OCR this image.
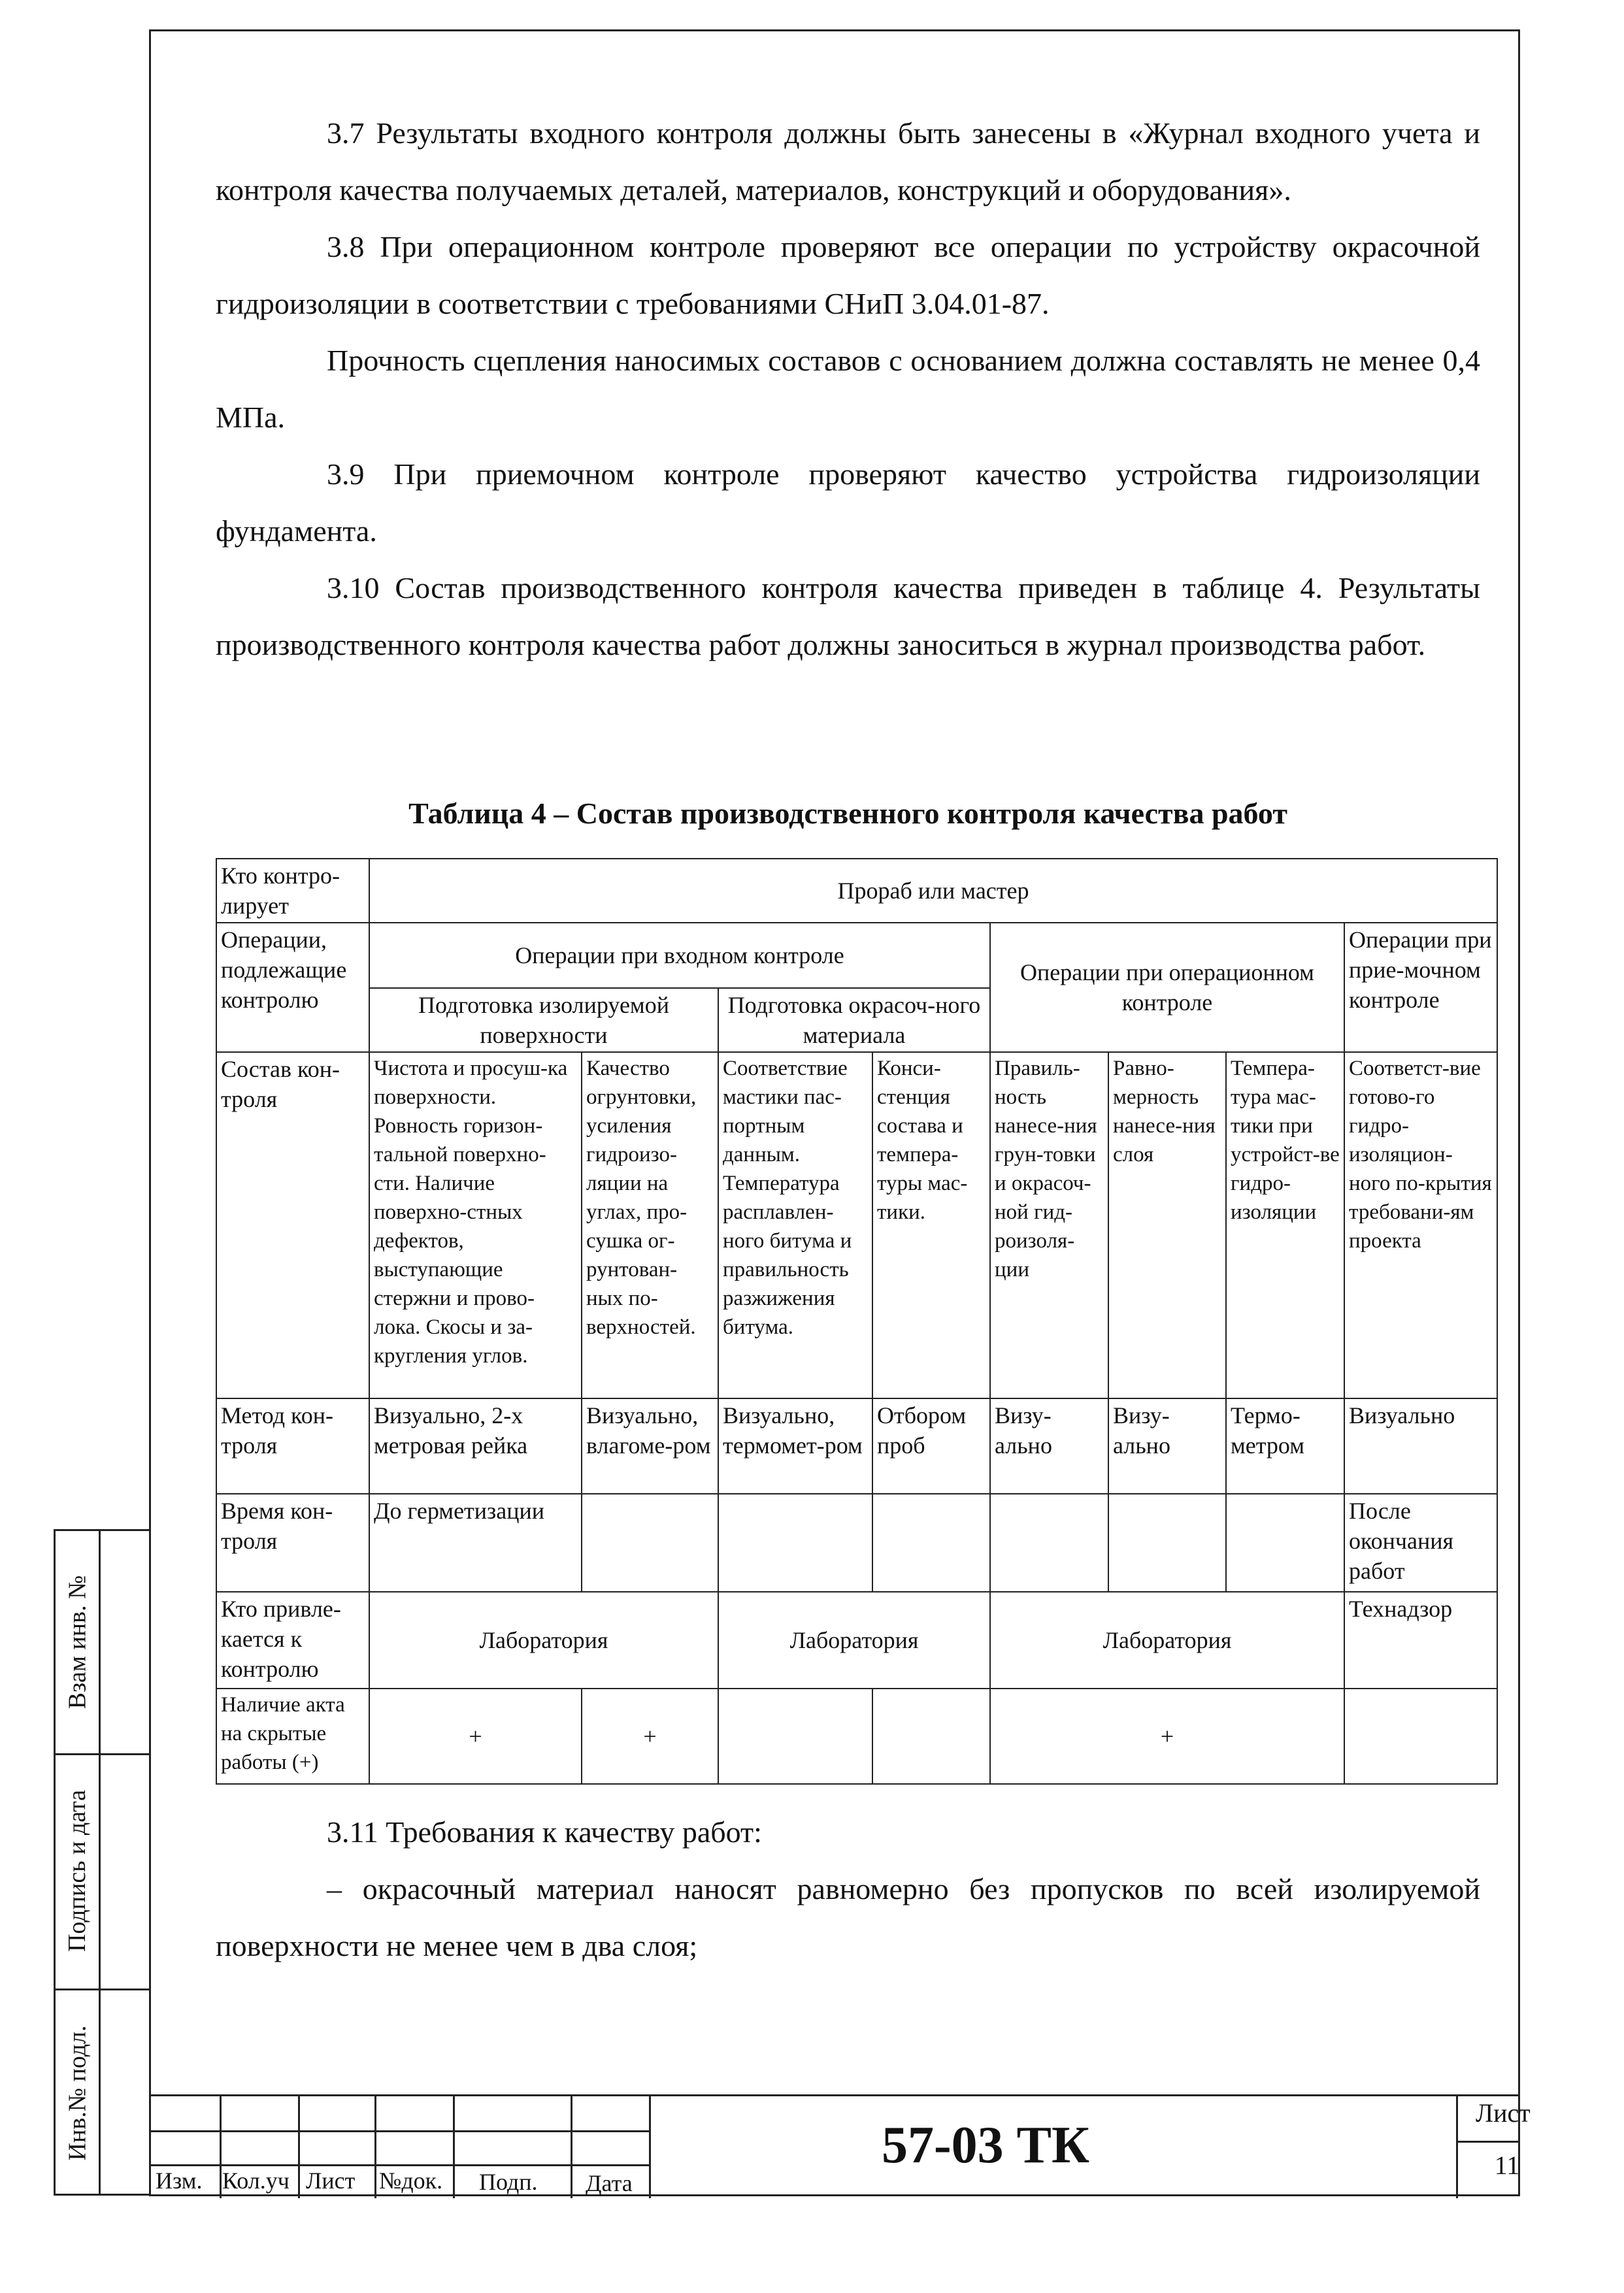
3.7 Результаты входного контроля должны быть занесены в «Журнал входного учета и контроля качества получаемых деталей, материалов, конструкций и оборудования».

3.8 При операционном контроле проверяют все операции по устройству окрасочной гидроизоляции в соответствии с требованиями СНиП 3.04.01-87.

Прочность сцепления наносимых составов с основанием должна составлять не менее 0,4 МПа.

3.9 При приемочном контроле проверяют качество устройства гидроизоляции фундамента.

3.10 Состав производственного контроля качества приведен в таблице 4. Результаты производственного контроля качества работ должны заноситься в журнал производства работ.

Таблица 4 – Состав производственного контроля качества работ
Кто контро-лирует	Прораб или мастер							
Операции, подлежащие контролю	Операции при входном контроле				Операции при операционном контроле			Операции при прие-мочном контроле
	Подготовка изолируемой поверхности		Подготовка окрасоч-ного материала					
Состав кон-троля	Чистота и просуш-ка поверхности. Ровность горизон-тальной поверхно-сти. Наличие поверхно-стных дефектов, выступающие стержни и прово-лока. Скосы и за-кругления углов.	Качество огрунтовки, усиления гидроизо-ляции на углах, про-сушка ог-рунтован-ных по-верхностей.	Соответствие мастики пас-портным данным. Температура расплавлен-ного битума и правильность разжижения битума.	Конси-стенция состава и темпера-туры мас-тики.	Правиль-ность нанесе-ния грун-товки и окрасоч-ной гид-роизоля-ции	Равно-мерность нанесе-ния слоя	Темпера-тура мас-тики при устройст-ве гидро-изоляции	Соответст-вие готово-го гидро-изоляцион-ного по-крытия требовани-ям проекта
Метод кон-троля	Визуально, 2-х метровая рейка	Визуально, влагоме-ром	Визуально, термомет-ром	Отбором проб	Визу-ально	Визу-ально	Термо-метром	Визуально
Время кон-троля	До герметизации							После окончания работ
Кто привле-кается к контролю	Лаборатория		Лаборатория		Лаборатория			Технадзор
Наличие акта на скрытые работы (+)	+	+			+			

3.11 Требования к качеству работ:

– окрасочный материал наносят равномерно без пропусков по всей изолируемой поверхности не менее чем в два слоя;

Взам инв. №
Подпись и дата
Инв.№ подл.
Изм. Кол.уч Лист №док. Подп. Дата
57-03 ТК
Лист
11
